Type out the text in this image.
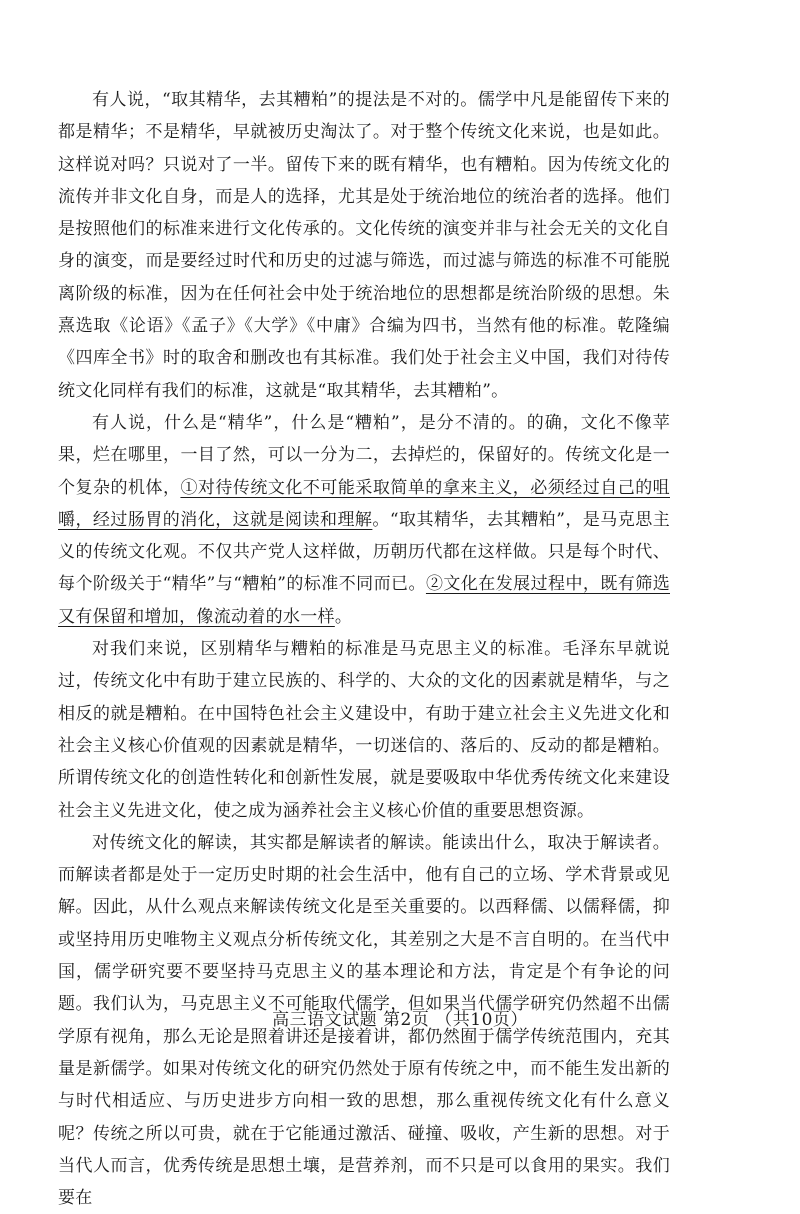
有人说，“取其精华，去其糟粕”的提法是不对的。儒学中凡是能留传下来的都是精华；不是精华，早就被历史淘汰了。对于整个传统文化来说，也是如此。这样说对吗？只说对了一半。留传下来的既有精华，也有糟粕。因为传统文化的流传并非文化自身，而是人的选择，尤其是处于统治地位的统治者的选择。他们是按照他们的标准来进行文化传承的。文化传统的演变并非与社会无关的文化自身的演变，而是要经过时代和历史的过滤与筛选，而过滤与筛选的标准不可能脱离阶级的标准，因为在任何社会中处于统治地位的思想都是统治阶级的思想。朱熹选取《论语》《孟子》《大学》《中庸》合编为四书，当然有他的标准。乾隆编《四库全书》时的取舍和删改也有其标准。我们处于社会主义中国，我们对待传统文化同样有我们的标准，这就是“取其精华，去其糟粕”。

有人说，什么是“精华”，什么是“糟粕”，是分不清的。的确，文化不像苹果，烂在哪里，一目了然，可以一分为二，去掉烂的，保留好的。传统文化是一个复杂的机体，①对待传统文化不可能采取简单的拿来主义，必须经过自己的咀嚼，经过肠胃的消化，这就是阅读和理解。“取其精华，去其糟粕”，是马克思主义的传统文化观。不仅共产党人这样做，历朝历代都在这样做。只是每个时代、每个阶级关于“精华”与“糟粕”的标准不同而已。②文化在发展过程中，既有筛选又有保留和增加，像流动着的水一样。

对我们来说，区别精华与糟粕的标准是马克思主义的标准。毛泽东早就说过，传统文化中有助于建立民族的、科学的、大众的文化的因素就是精华，与之相反的就是糟粕。在中国特色社会主义建设中，有助于建立社会主义先进文化和社会主义核心价值观的因素就是精华，一切迷信的、落后的、反动的都是糟粕。所谓传统文化的创造性转化和创新性发展，就是要吸取中华优秀传统文化来建设社会主义先进文化，使之成为涵养社会主义核心价值的重要思想资源。

对传统文化的解读，其实都是解读者的解读。能读出什么，取决于解读者。而解读者都是处于一定历史时期的社会生活中，他有自己的立场、学术背景或见解。因此，从什么观点来解读传统文化是至关重要的。以西释儒、以儒释儒，抑或坚持用历史唯物主义观点分析传统文化，其差别之大是不言自明的。在当代中国，儒学研究要不要坚持马克思主义的基本理论和方法，肯定是个有争论的问题。我们认为，马克思主义不可能取代儒学，但如果当代儒学研究仍然超不出儒学原有视角，那么无论是照着讲还是接着讲，都仍然囿于儒学传统范围内，充其量是新儒学。如果对传统文化的研究仍然处于原有传统之中，而不能生发出新的与时代相适应、与历史进步方向相一致的思想，那么重视传统文化有什么意义呢？传统之所以可贵，就在于它能通过激活、碰撞、吸收，产生新的思想。对于当代人而言，优秀传统是思想土壤，是营养剂，而不只是可以食用的果实。我们要在

高三语文试题 第2页 （共10页）
